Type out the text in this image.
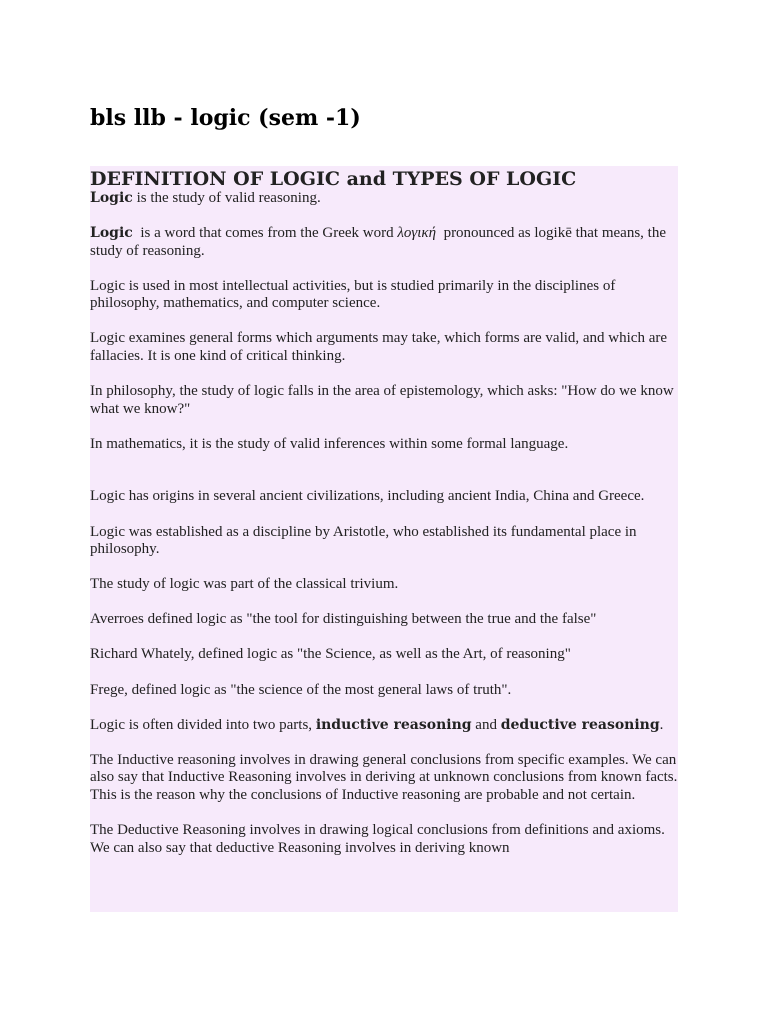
bls llb - logic (sem -1)
DEFINITION OF LOGIC and TYPES OF LOGIC

Logic is the study of valid reasoning.

Logic  is a word that comes from the Greek word λογική  pronounced as logikē that means, the study of reasoning.

Logic is used in most intellectual activities, but is studied primarily in the disciplines of philosophy, mathematics, and computer science.

Logic examines general forms which arguments may take, which forms are valid, and which are fallacies. It is one kind of critical thinking.

In philosophy, the study of logic falls in the area of epistemology, which asks: "How do we know what we know?"

In mathematics, it is the study of valid inferences within some formal language.

Logic has origins in several ancient civilizations, including ancient India, China and Greece.

Logic was established as a discipline by Aristotle, who established its fundamental place in philosophy.

The study of logic was part of the classical trivium.

Averroes defined logic as "the tool for distinguishing between the true and the false"

Richard Whately, defined logic as "the Science, as well as the Art, of reasoning"

Frege, defined logic as "the science of the most general laws of truth".

Logic is often divided into two parts, inductive reasoning and deductive reasoning.

The Inductive reasoning involves in drawing general conclusions from specific examples. We can also say that Inductive Reasoning involves in deriving at unknown conclusions from known facts. This is the reason why the conclusions of Inductive reasoning are probable and not certain.

The Deductive Reasoning involves in drawing logical conclusions from definitions and axioms.  We can also say that deductive Reasoning involves in deriving known
